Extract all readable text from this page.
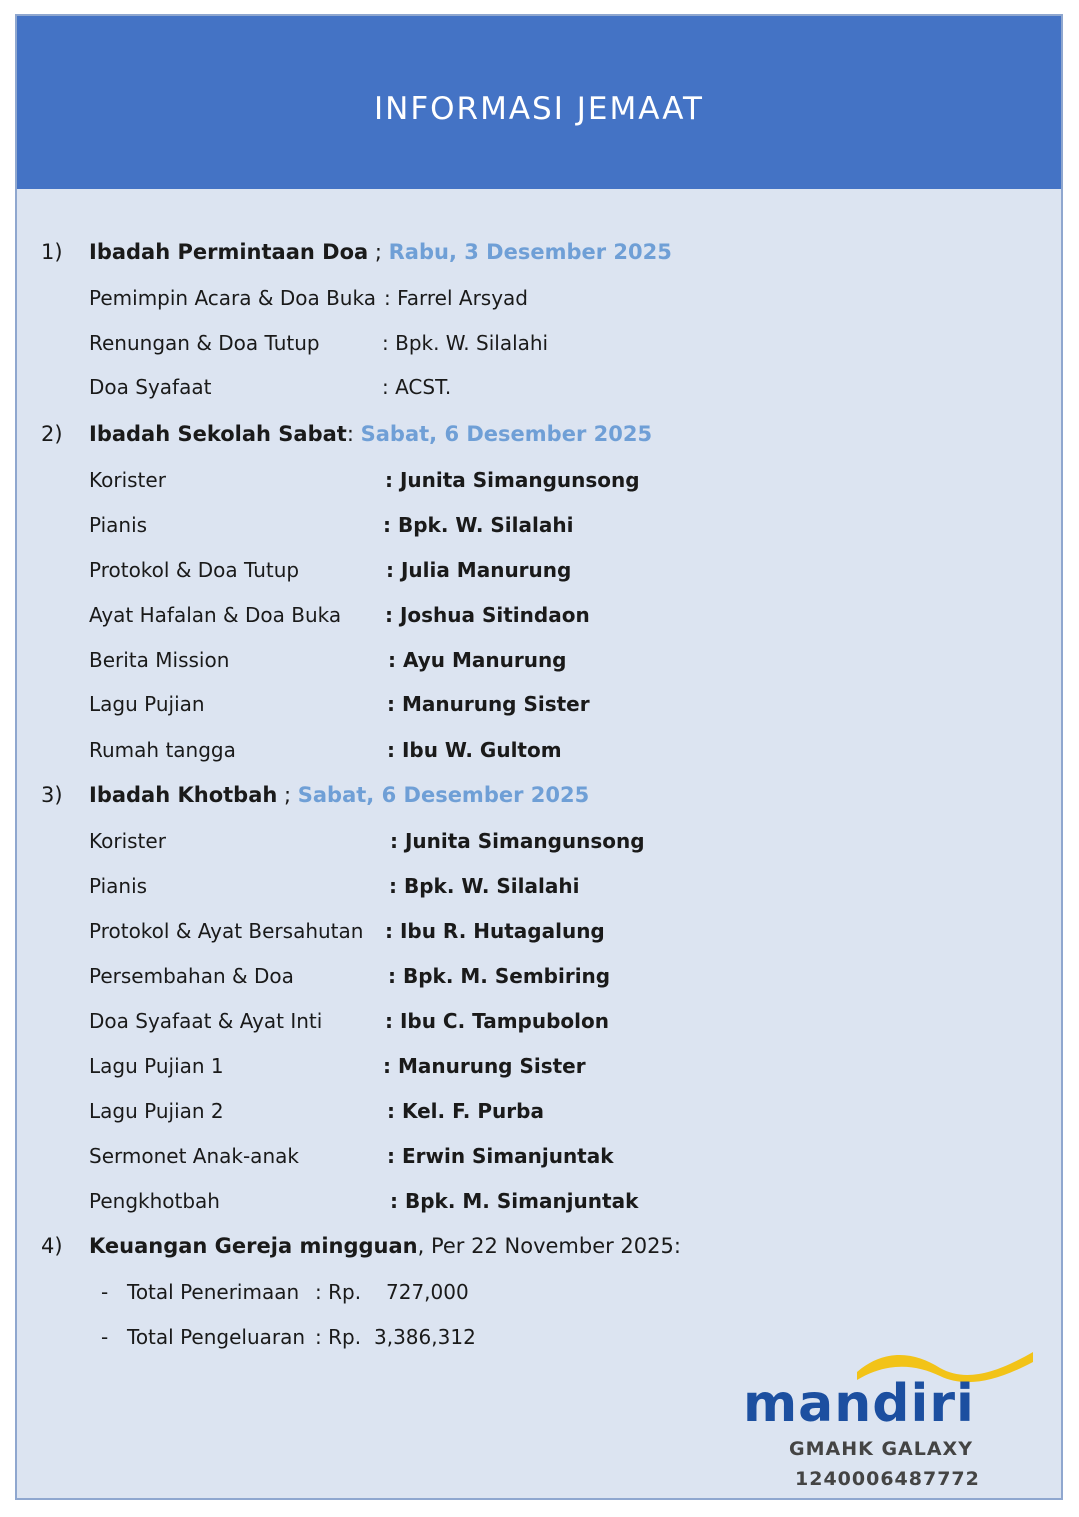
INFORMASI JEMAAT
1) Ibadah Permintaan Doa ; Rabu, 3 Desember 2025
Pemimpin Acara & Doa Buka : Farrel Arsyad
Renungan & Doa Tutup	: Bpk. W. Silalahi
Doa Syafaat	: ACST.
2) Ibadah Sekolah Sabat: Sabat, 6 Desember 2025
Korister	: Junita Simangunsong
Pianis	: Bpk. W. Silalahi
Protokol & Doa Tutup	: Julia Manurung
Ayat Hafalan & Doa Buka : Joshua Sitindaon
Berita Mission	: Ayu Manurung
Lagu Pujian	: Manurung Sister
Rumah tangga	: Ibu W. Gultom
3) Ibadah Khotbah ; Sabat, 6 Desember 2025
Korister	: Junita Simangunsong
Pianis	: Bpk. W. Silalahi
Protokol & Ayat Bersahutan : Ibu R. Hutagalung
Persembahan & Doa	: Bpk. M. Sembiring
Doa Syafaat & Ayat Inti	: Ibu C. Tampubolon
Lagu Pujian 1	: Manurung Sister
Lagu Pujian 2	: Kel. F. Purba
Sermonet Anak-anak	: Erwin Simanjuntak
Pengkhotbah	: Bpk. M. Simanjuntak
4) Keuangan Gereja mingguan, Per 22 November 2025:
- Total Penerimaan : Rp. 727,000
- Total Pengeluaran : Rp. 3,386,312
mandiri
GMAHK GALAXY
1240006487772
